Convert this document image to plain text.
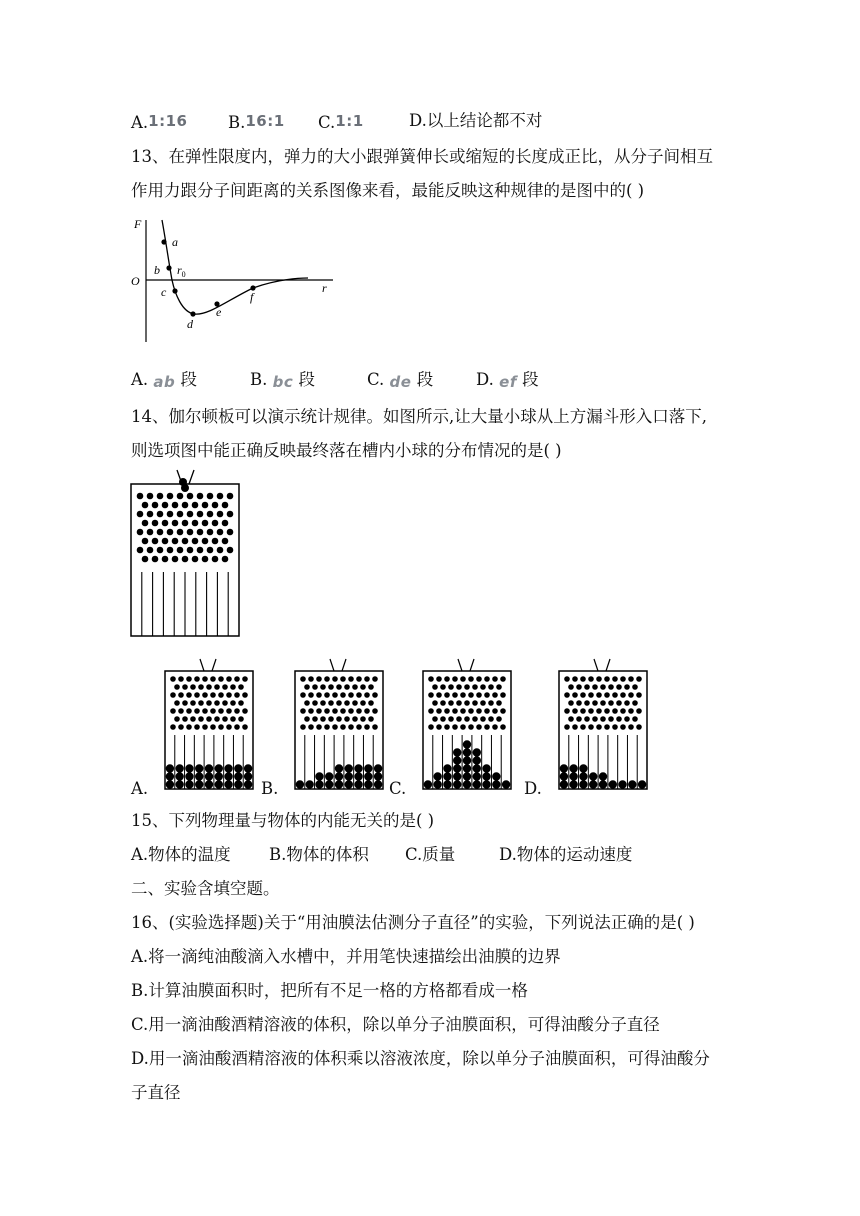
A.1:16 B.16:1 C.1:1	D.以上结论都不对
13、在弹性限度内，弹力的大小跟弹簧伸长或缩短的长度成正比，从分子间相互
作用力跟分子间距离的关系图像来看，最能反映这种规律的是图中的( )
F
r
a
b
c
d
e
f
$r_0$
O
A. ab 段	B. bc 段	C. de 段	D. ef 段
14、伽尔顿板可以演示统计规律。如图所示,让大量小球从上方漏斗形入口落下,
则选项图中能正确反映最终落在槽内小球的分布情况的是( )
A.	B.	C.	D.
15、下列物理量与物体的内能无关的是( )
A.物体的温度 B.物体的体积 C.质量	D.物体的运动速度
二、实验含填空题。
16、(实验选择题)关于“用油膜法估测分子直径”的实验，下列说法正确的是( )
A.将一滴纯油酸滴入水槽中，并用笔快速描绘出油膜的边界
B.计算油膜面积时，把所有不足一格的方格都看成一格
C.用一滴油酸酒精溶液的体积，除以单分子油膜面积，可得油酸分子直径
D.用一滴油酸酒精溶液的体积乘以溶液浓度，除以单分子油膜面积，可得油酸分
子直径
